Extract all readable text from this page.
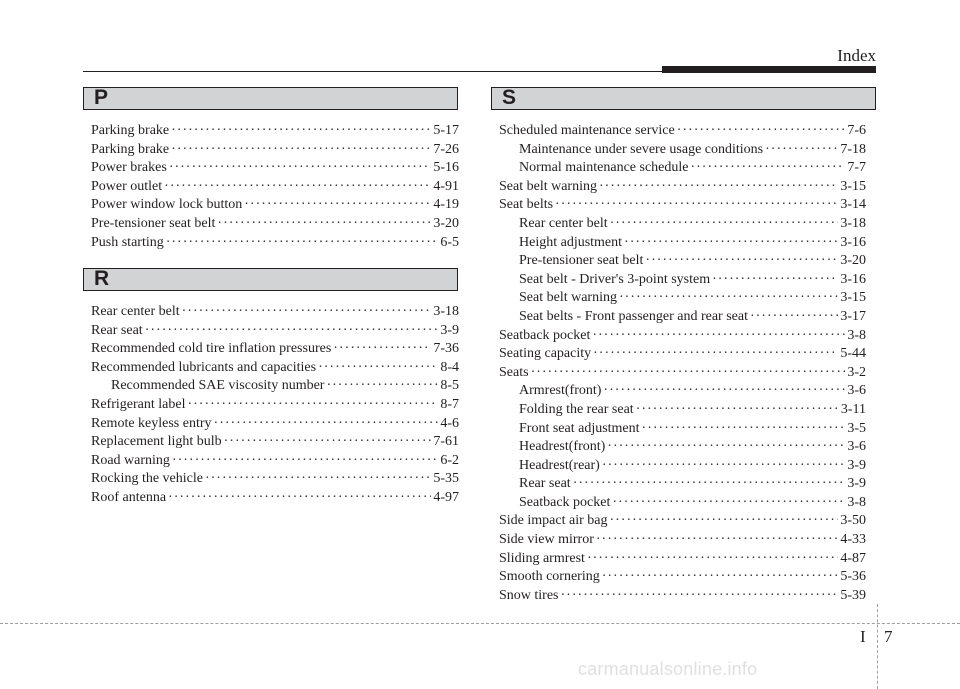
Index
P
Parking brake ·····	5-17
Parking brake ·····	7-26
Power brakes ·····	5-16
Power outlet ·····	4-91
Power window lock button ·····	4-19
Pre-tensioner seat belt ·····	3-20
Push starting ·····	6-5
R
Rear center belt ·····	3-18
Rear seat ·····	3-9
Recommended cold tire inflation pressures ·····	7-36
Recommended lubricants and capacities ·····	8-4
Recommended SAE viscosity number ·····	8-5
Refrigerant label ·····	8-7
Remote keyless entry ·····	4-6
Replacement light bulb ·····	7-61
Road warning ·····	6-2
Rocking the vehicle ·····	5-35
Roof antenna ·····	4-97
S
Scheduled maintenance service ·····	7-6
Maintenance under severe usage conditions ·····	7-18
Normal maintenance schedule ·····	7-7
Seat belt warning ·····	3-15
Seat belts ·····	3-14
Rear center belt ·····	3-18
Height adjustment ·····	3-16
Pre-tensioner seat belt ·····	3-20
Seat belt - Driver's 3-point system ·····	3-16
Seat belt warning ·····	3-15
Seat belts - Front passenger and rear seat ·····	3-17
Seatback pocket ·····	3-8
Seating capacity ·····	5-44
Seats ·····	3-2
Armrest(front) ·····	3-6
Folding the rear seat ·····	3-11
Front seat adjustment ·····	3-5
Headrest(front) ·····	3-6
Headrest(rear) ·····	3-9
Rear seat ·····	3-9
Seatback pocket ·····	3-8
Side impact air bag ·····	3-50
Side view mirror ·····	4-33
Sliding armrest ·····	4-87
Smooth cornering ·····	5-36
Snow tires ·····	5-39
I 7
carmanualsonline.info
